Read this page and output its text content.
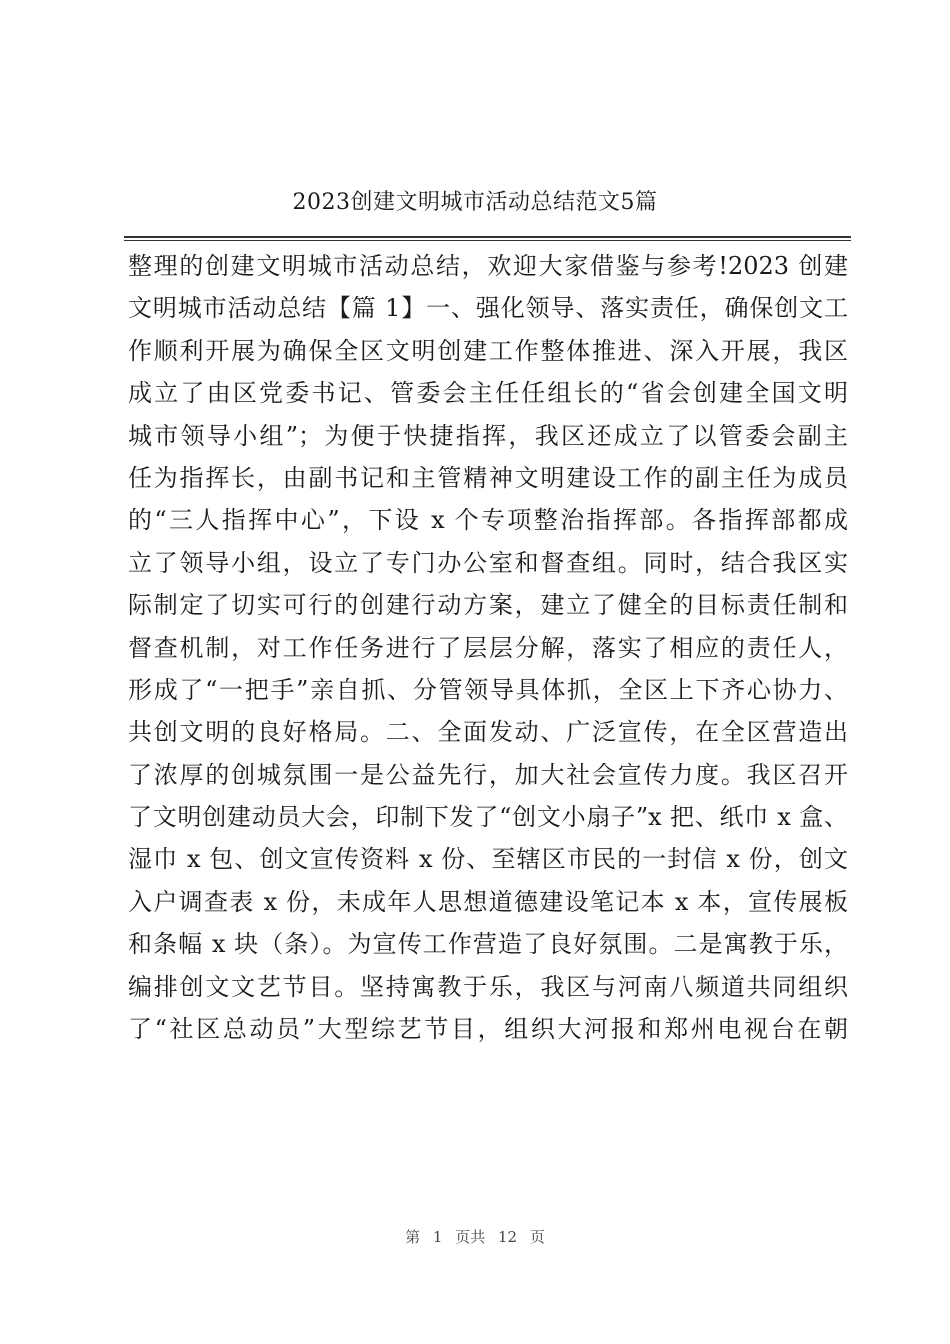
2023创建文明城市活动总结范文5篇
整理的创建文明城市活动总结，欢迎大家借鉴与参考!2023 创建
文明城市活动总结【篇 1】一、强化领导、落实责任，确保创文工
作顺利开展为确保全区文明创建工作整体推进、深入开展，我区
成立了由区党委书记、管委会主任任组长的“省会创建全国文明
城市领导小组”；为便于快捷指挥，我区还成立了以管委会副主
任为指挥长，由副书记和主管精神文明建设工作的副主任为成员
的“三人指挥中心”，下设 x 个专项整治指挥部。各指挥部都成
立了领导小组，设立了专门办公室和督查组。同时，结合我区实
际制定了切实可行的创建行动方案，建立了健全的目标责任制和
督查机制，对工作任务进行了层层分解，落实了相应的责任人，
形成了“一把手”亲自抓、分管领导具体抓，全区上下齐心协力、
共创文明的良好格局。二、全面发动、广泛宣传，在全区营造出
了浓厚的创城氛围一是公益先行，加大社会宣传力度。我区召开
了文明创建动员大会，印制下发了“创文小扇子”x 把、纸巾 x 盒、
湿巾 x 包、创文宣传资料 x 份、至辖区市民的一封信 x 份，创文
入户调查表 x 份，未成年人思想道德建设笔记本 x 本，宣传展板
和条幅 x 块（条）。为宣传工作营造了良好氛围。二是寓教于乐，
编排创文文艺节目。坚持寓教于乐，我区与河南八频道共同组织
了“社区总动员”大型综艺节目，组织大河报和郑州电视台在朝
第 1 页共 12 页
